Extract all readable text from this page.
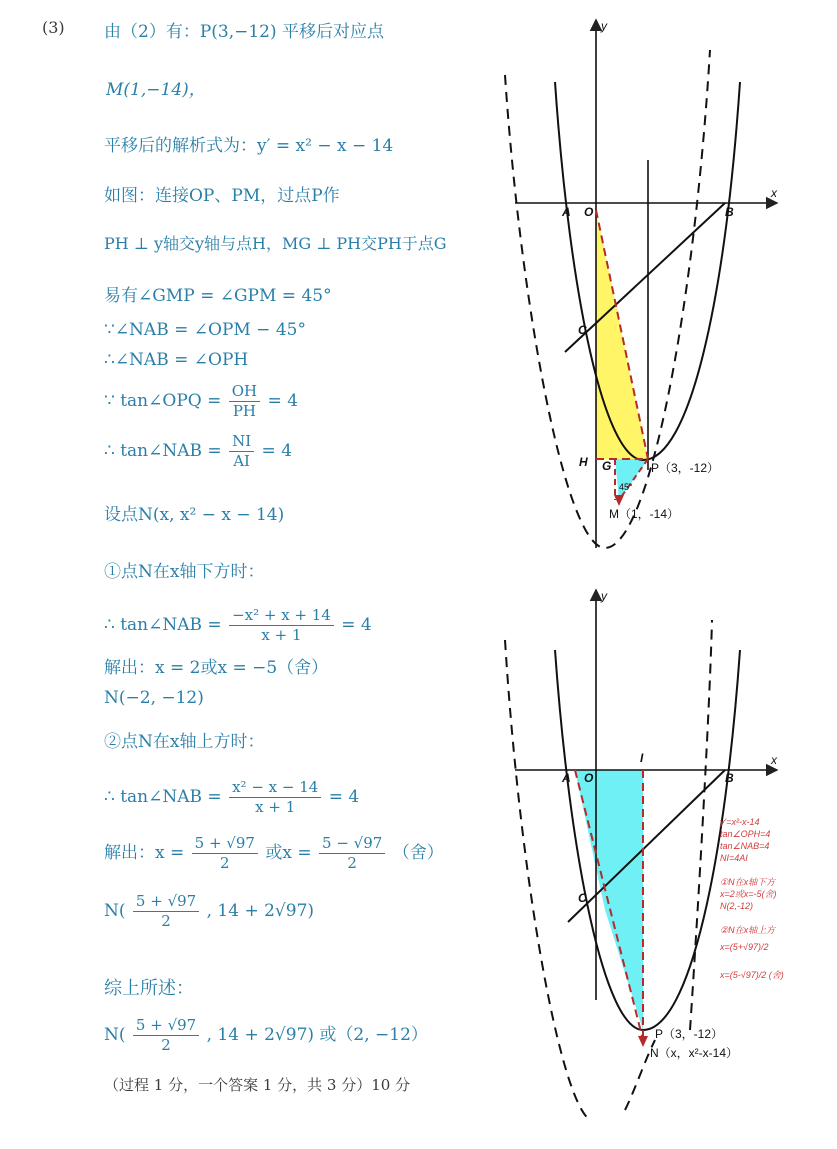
(3) 由（2）有：P(3,−12) 平移后对应点
M(1,−14)，
平移后的解析式为：y′ = x² − x − 14
如图：连接OP、PM，过点P作
PH ⊥ y轴交y轴与点H，MG ⊥ PH交PH于点G
易有∠GMP = ∠GPM = 45°
∵∠NAB = ∠OPM − 45°
∴∠NAB = ∠OPH
∵ tan∠OPQ = $\frac{OH}{PH} = 4$
∴ tan∠NAB = $\frac{NI}{AI} = 4$
设点N(x, x² − x − 14)
①点N在x轴下方时：
∴ tan∠NAB = $\frac{\text{−x² + x + 14}}{x + 1} = 4$
解出：x = 2或x = −5（舍）
N(−2, −12)
②点N在x轴上方时：
∴ tan∠NAB = $\frac{\text{x² − x − 14}}{x + 1} = 4$
解出：$x = \frac{5 + √97}{2}$ 或$x = \frac{5 - √97}{2}$ （舍）
$N( \frac{5 + √97}{2}$ , 14 + 2√97)
综上所述：
$N( \frac{5 + √97}{2}$ , 14 + 2√97) 或（2, −12）
（过程 1 分，一个答案 1 分，共 3 分）10 分
x
y
A O	B
C
H G
45°
P（3，-12）
M（1，-14）
x
y
A O
I
B
C
P（3，-12）
N（x，x²-x-14）
y'=x²-x-14
tan∠OPH=4
tan∠NAB=4
NI=4AI
①N在x轴下方
x=2或x=-5(舍)
N(2,-12)
②N在x轴上方
x=(5+√97)/2
x=(5-√97)/2 (舍)
